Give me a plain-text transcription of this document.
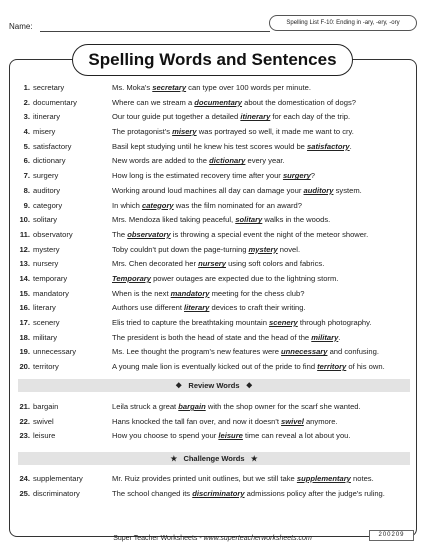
Name:	Spelling List F-10: Ending in -ary, -ery, -ory
Spelling Words and Sentences
1. secretary	Ms. Moka's secretary can type over 100 words per minute.
2. documentary	Where can we stream a documentary about the domestication of dogs?
3. itinerary	Our tour guide put together a detailed itinerary for each day of the trip.
4. misery	The protagonist's misery was portrayed so well, it made me want to cry.
5. satisfactory	Basil kept studying until he knew his test scores would be satisfactory.
6. dictionary	New words are added to the dictionary every year.
7. surgery	How long is the estimated recovery time after your surgery?
8. auditory	Working around loud machines all day can damage your auditory system.
9. category	In which category was the film nominated for an award?
10. solitary	Mrs. Mendoza liked taking peaceful, solitary walks in the woods.
11. observatory	The observatory is throwing a special event the night of the meteor shower.
12. mystery	Toby couldn't put down the page-turning mystery novel.
13. nursery	Mrs. Chen decorated her nursery using soft colors and fabrics.
14. temporary	Temporary power outages are expected due to the lightning storm.
15. mandatory	When is the next mandatory meeting for the chess club?
16. literary	Authors use different literary devices to craft their writing.
17. scenery	Elis tried to capture the breathtaking mountain scenery through photography.
18. military	The president is both the head of state and the head of the military.
19. unnecessary	Ms. Lee thought the program's new features were unnecessary and confusing.
20. territory	A young male lion is eventually kicked out of the pride to find territory of his own.
❖ Review Words ❖
21. bargain	Leila struck a great bargain with the shop owner for the scarf she wanted.
22. swivel	Hans knocked the tall fan over, and now it doesn't swivel anymore.
23. leisure	How you choose to spend your leisure time can reveal a lot about you.
★ Challenge Words ★
24. supplementary	Mr. Ruiz provides printed unit outlines, but we still take supplementary notes.
25. discriminatory	The school changed its discriminatory admissions policy after the judge's ruling.
Super Teacher Worksheets - www.superteacherworksheets.com	200209
